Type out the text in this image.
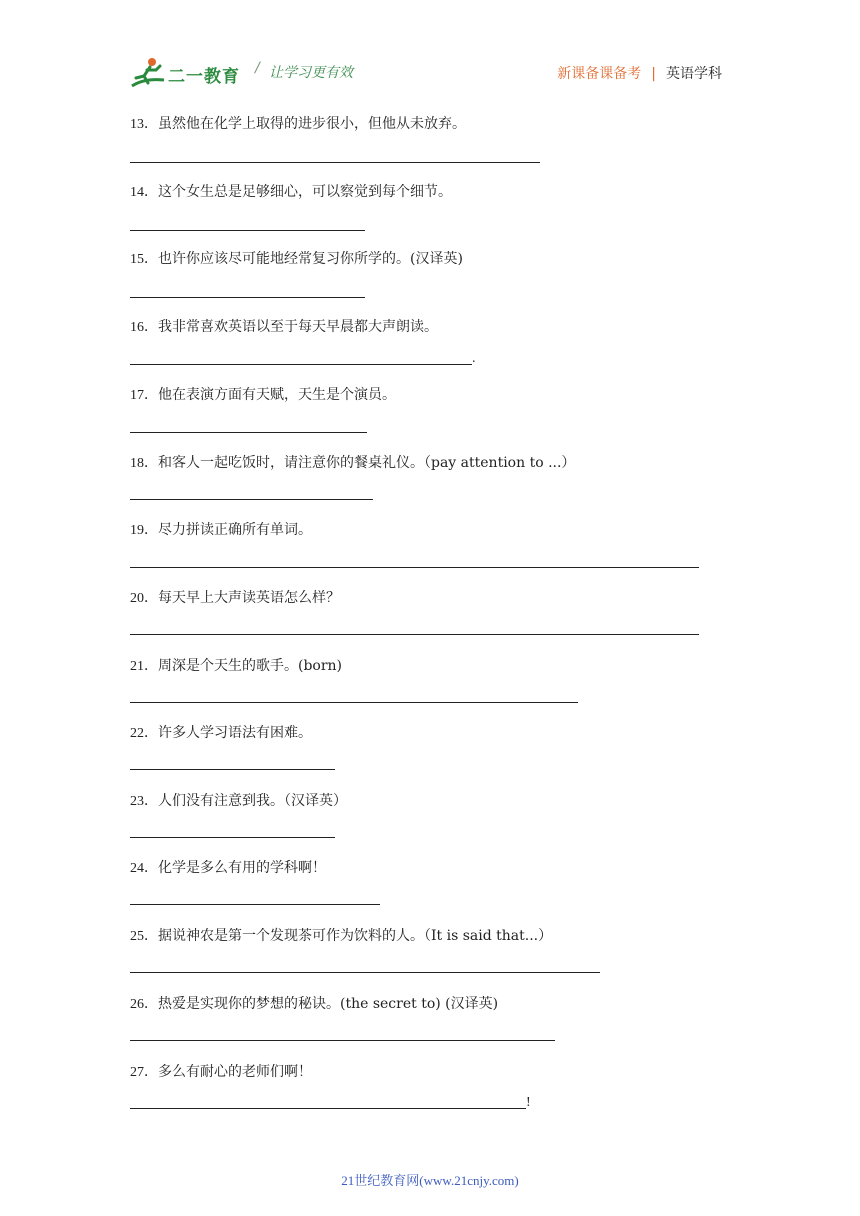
二一教育 / 让学习更有效	新课备课备考 | 英语学科
13．虽然他在化学上取得的进步很小，但他从未放弃。
14．这个女生总是足够细心，可以察觉到每个细节。
15．也许你应该尽可能地经常复习你所学的。(汉译英)
16．我非常喜欢英语以至于每天早晨都大声朗读。
.
17．他在表演方面有天赋，天生是个演员。
18．和客人一起吃饭时，请注意你的餐桌礼仪。（pay attention to ...）
19．尽力拼读正确所有单词。
20．每天早上大声读英语怎么样？
21．周深是个天生的歌手。(born)
22．许多人学习语法有困难。
23．人们没有注意到我。（汉译英）
24．化学是多么有用的学科啊！
25．据说神农是第一个发现茶可作为饮料的人。（It is said that...）
26．热爱是实现你的梦想的秘诀。(the secret to) (汉译英)
27．多么有耐心的老师们啊！
!
21世纪教育网(www.21cnjy.com)
